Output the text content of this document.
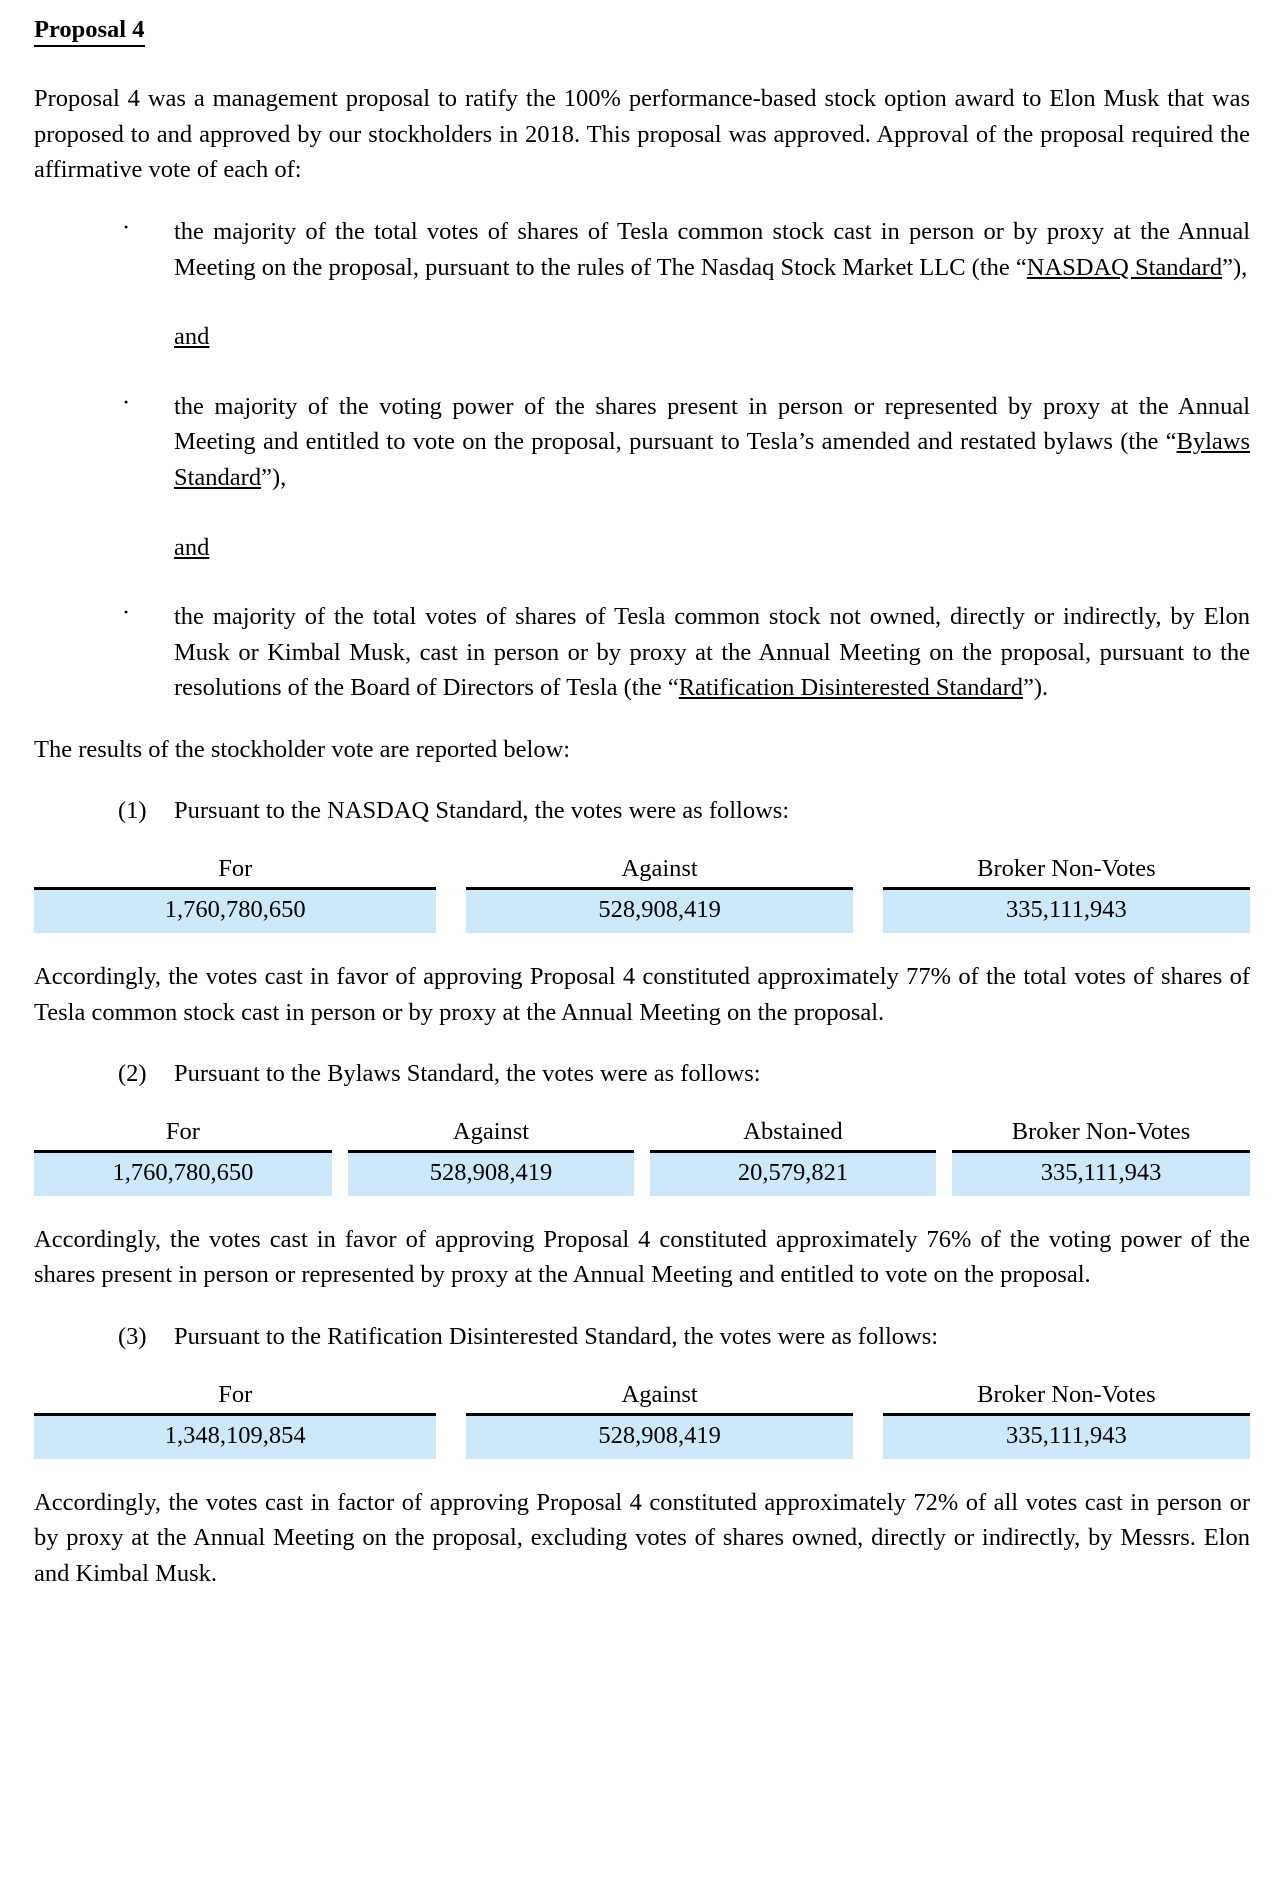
Proposal 4

Proposal 4 was a management proposal to ratify the 100% performance-based stock option award to Elon Musk that was proposed to and approved by our stockholders in 2018. This proposal was approved. Approval of the proposal required the affirmative vote of each of:

· the majority of the total votes of shares of Tesla common stock cast in person or by proxy at the Annual Meeting on the proposal, pursuant to the rules of The Nasdaq Stock Market LLC (the “NASDAQ Standard”),
and
· the majority of the voting power of the shares present in person or represented by proxy at the Annual Meeting and entitled to vote on the proposal, pursuant to Tesla’s amended and restated bylaws (the “Bylaws Standard”),
and
· the majority of the total votes of shares of Tesla common stock not owned, directly or indirectly, by Elon Musk or Kimbal Musk, cast in person or by proxy at the Annual Meeting on the proposal, pursuant to the resolutions of the Board of Directors of Tesla (the “Ratification Disinterested Standard”).

The results of the stockholder vote are reported below:

(1) Pursuant to the NASDAQ Standard, the votes were as follows:
For		Against		Broker Non-Votes
1,760,780,650		528,908,419		335,111,943

Accordingly, the votes cast in favor of approving Proposal 4 constituted approximately 77% of the total votes of shares of Tesla common stock cast in person or by proxy at the Annual Meeting on the proposal.

(2) Pursuant to the Bylaws Standard, the votes were as follows:
For		Against		Abstained		Broker Non-Votes
1,760,780,650		528,908,419		20,579,821		335,111,943

Accordingly, the votes cast in favor of approving Proposal 4 constituted approximately 76% of the voting power of the shares present in person or represented by proxy at the Annual Meeting and entitled to vote on the proposal.

(3) Pursuant to the Ratification Disinterested Standard, the votes were as follows:
For		Against		Broker Non-Votes
1,348,109,854		528,908,419		335,111,943

Accordingly, the votes cast in factor of approving Proposal 4 constituted approximately 72% of all votes cast in person or by proxy at the Annual Meeting on the proposal, excluding votes of shares owned, directly or indirectly, by Messrs. Elon and Kimbal Musk.
